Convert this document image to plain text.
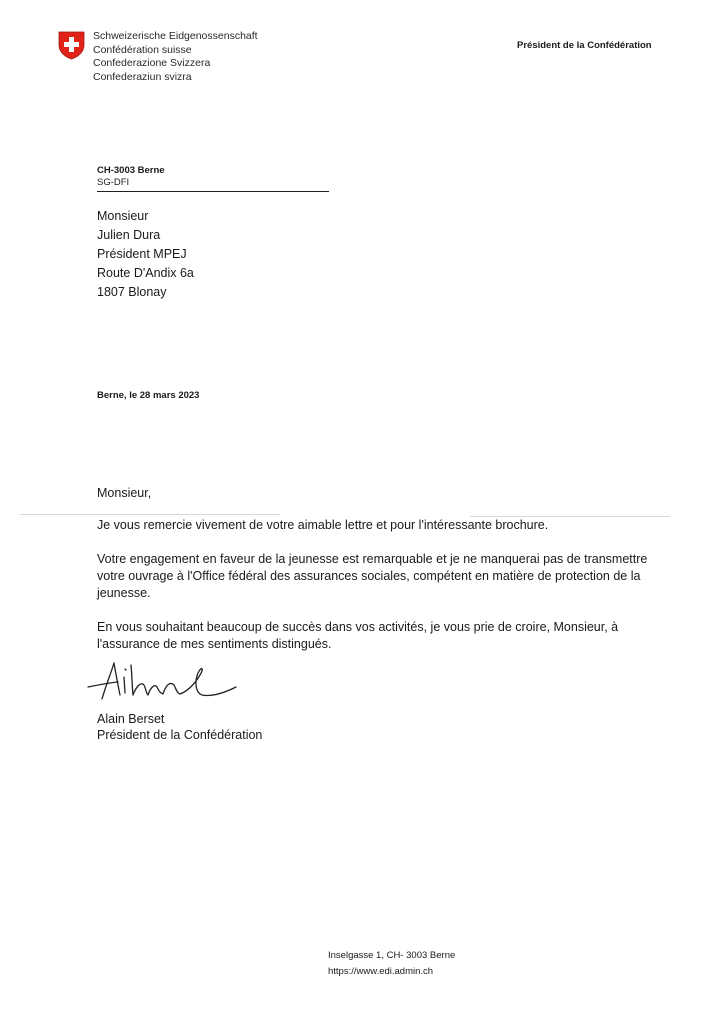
Schweizerische Eidgenossenschaft
Confédération suisse
Confederazione Svizzera
Confederaziun svizra
Président de la Confédération
CH-3003 Berne
SG-DFI
Monsieur
Julien Dura
Président MPEJ
Route D'Andix 6a
1807 Blonay
Berne, le 28 mars 2023
Monsieur,

Je vous remercie vivement de votre aimable lettre et pour l'intéressante brochure.

Votre engagement en faveur de la jeunesse est remarquable et je ne manquerai pas de transmettre votre ouvrage à l'Office fédéral des assurances sociales, compétent en matière de protection de la jeunesse.

En vous souhaitant beaucoup de succès dans vos activités, je vous prie de croire, Monsieur, à l'assurance de mes sentiments distingués.

Alain Berset
Président de la Confédération
Inselgasse 1, CH- 3003 Berne
https://www.edi.admin.ch
